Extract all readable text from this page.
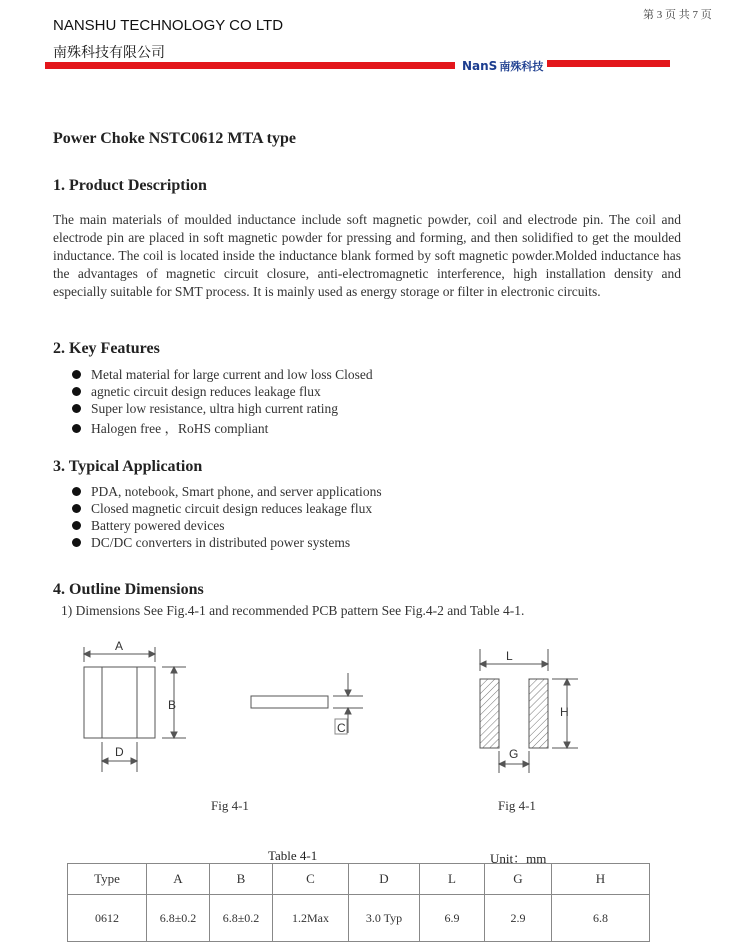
NANSHU TECHNOLOGY CO LTD
南殊科技有限公司
第 3 页 共 7 页
NanS 南殊科技
Power Choke NSTC0612 MTA type
1. Product Description
The main materials of moulded inductance include soft magnetic powder, coil and electrode pin. The coil and electrode pin are placed in soft magnetic powder for pressing and forming, and then solidified to get the moulded inductance. The coil is located inside the inductance blank formed by soft magnetic powder.Molded inductance has the advantages of magnetic circuit closure, anti-electromagnetic interference, high installation density and especially suitable for SMT process. It is mainly used as energy storage or filter in electronic circuits.
2. Key Features
Metal material for large current and low loss Closed
agnetic circuit design reduces leakage flux
Super low resistance, ultra high current rating
Halogen free ，RoHS compliant
3. Typical Application
PDA, notebook, Smart phone, and server applications
Closed magnetic circuit design reduces leakage flux
Battery powered devices
DC/DC converters in distributed power systems
4. Outline Dimensions
1) Dimensions See Fig.4-1 and recommended PCB pattern See Fig.4-2 and Table 4-1.
A
B
D
C
L
H
G
Fig 4-1	Fig 4-1
Table 4-1	Unit：mm
Type	A	B	C	D	L	G	H
0612	6.8±0.2	6.8±0.2	1.2Max	3.0 Typ	6.9	2.9	6.8
